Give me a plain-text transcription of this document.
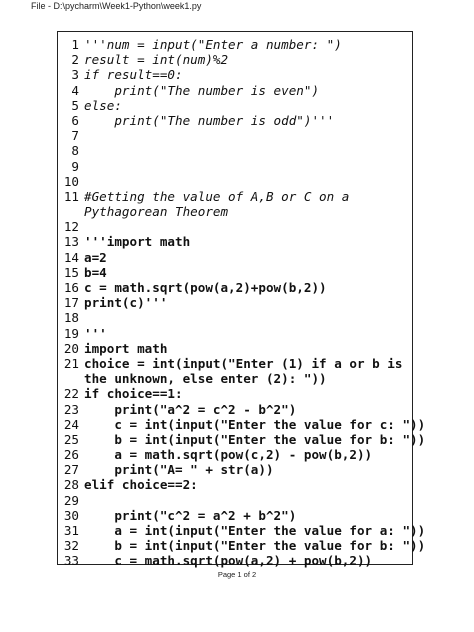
File - D:\pycharm\Week1-Python\week1.py
1 '''num = input("Enter a number: ")
2 result = int(num)%2
3 if result==0:
4 print("The number is even")
5 else:
6 print("The number is odd")'''
7
8
9
10
11 #Getting the value of A,B or C on a
Pythagorean Theorem
12
13 '''import math
14 a=2
15 b=4
16 c = math.sqrt(pow(a,2)+pow(b,2))
17 print(c)'''
18
19 '''
20 import math
21 choice = int(input("Enter (1) if a or b is
the unknown, else enter (2): "))
22 if choice==1:
23 print("a^2 = c^2 - b^2")
24 c = int(input("Enter the value for c: "))
25 b = int(input("Enter the value for b: "))
26 a = math.sqrt(pow(c,2) - pow(b,2))
27 print("A= " + str(a))
28 elif choice==2:
29
30 print("c^2 = a^2 + b^2")
31 a = int(input("Enter the value for a: "))
32 b = int(input("Enter the value for b: "))
33 c = math.sqrt(pow(a,2) + pow(b,2))
Page 1 of 2
